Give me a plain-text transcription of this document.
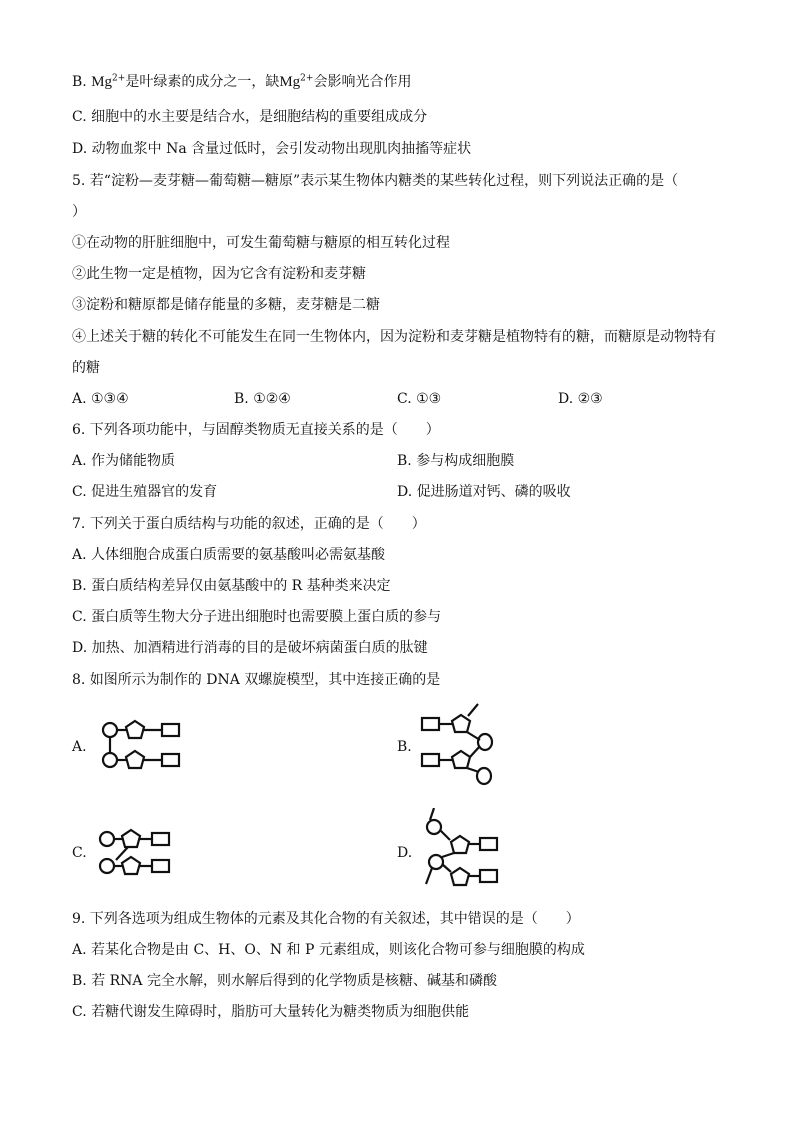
B. $Mg^{2+}$是叶绿素的成分之一，缺$Mg^{2+}$会影响光合作用
C. 细胞中的水主要是结合水，是细胞结构的重要组成成分
D. 动物血浆中 Na 含量过低时，会引发动物出现肌肉抽搐等症状
5. 若“淀粉—麦芽糖—葡萄糖—糖原”表示某生物体内糖类的某些转化过程，则下列说法正确的是（
）
①在动物的肝脏细胞中，可发生葡萄糖与糖原的相互转化过程
②此生物一定是植物，因为它含有淀粉和麦芽糖
③淀粉和糖原都是储存能量的多糖，麦芽糖是二糖
④上述关于糖的转化不可能发生在同一生物体内，因为淀粉和麦芽糖是植物特有的糖，而糖原是动物特有
的糖
A. ①③④	B. ①②④	C. ①③	D. ②③
6. 下列各项功能中，与固醇类物质无直接关系的是（　　）
A. 作为储能物质	B. 参与构成细胞膜
C. 促进生殖器官的发育	D. 促进肠道对钙、磷的吸收
7. 下列关于蛋白质结构与功能的叙述，正确的是（　　）
A. 人体细胞合成蛋白质需要的氨基酸叫必需氨基酸
B. 蛋白质结构差异仅由氨基酸中的 R 基种类来决定
C. 蛋白质等生物大分子进出细胞时也需要膜上蛋白质的参与
D. 加热、加酒精进行消毒的目的是破坏病菌蛋白质的肽键
8. 如图所示为制作的 DNA 双螺旋模型，其中连接正确的是
A.	B.
C.	D.
9. 下列各选项为组成生物体的元素及其化合物的有关叙述，其中错误的是（　　）
A. 若某化合物是由 C、H、O、N 和 P 元素组成，则该化合物可参与细胞膜的构成
B. 若 RNA 完全水解，则水解后得到的化学物质是核糖、碱基和磷酸
C. 若糖代谢发生障碍时，脂肪可大量转化为糖类物质为细胞供能
